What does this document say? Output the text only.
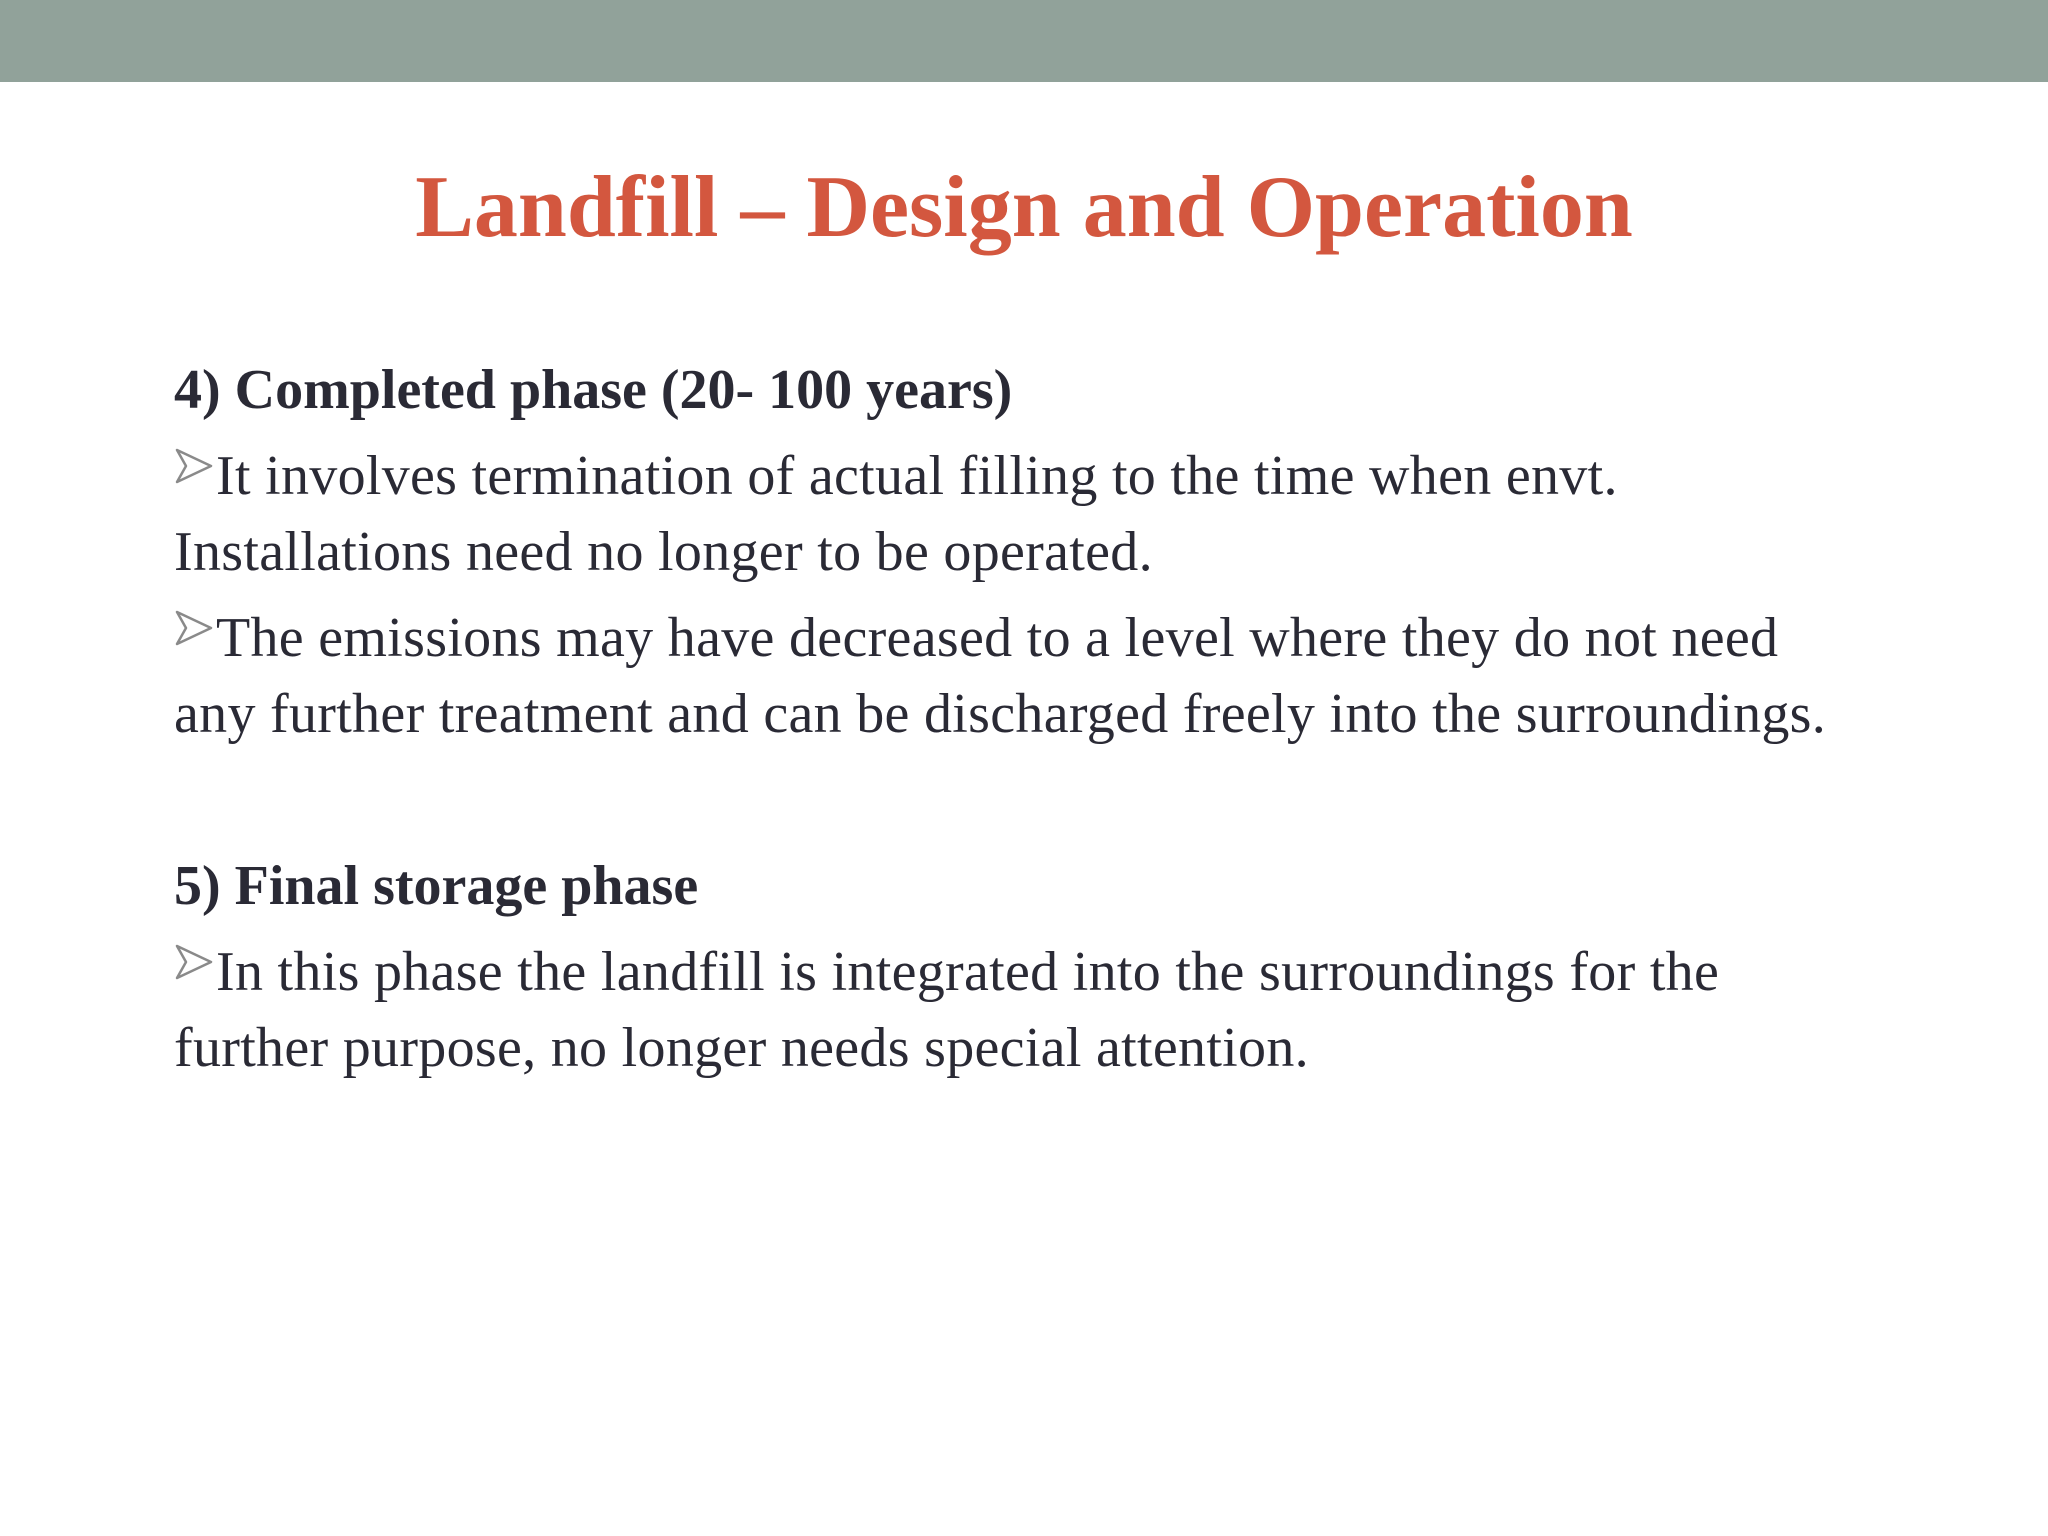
Landfill – Design and Operation

4) Completed phase (20- 100 years)

It involves termination of actual filling to the time when envt. Installations need no longer to be operated.

The emissions may have decreased to a level where they do not need any further treatment and can be discharged freely into the surroundings.

5) Final storage phase

In this phase the landfill is integrated into the surroundings for the further purpose, no longer needs special attention.
